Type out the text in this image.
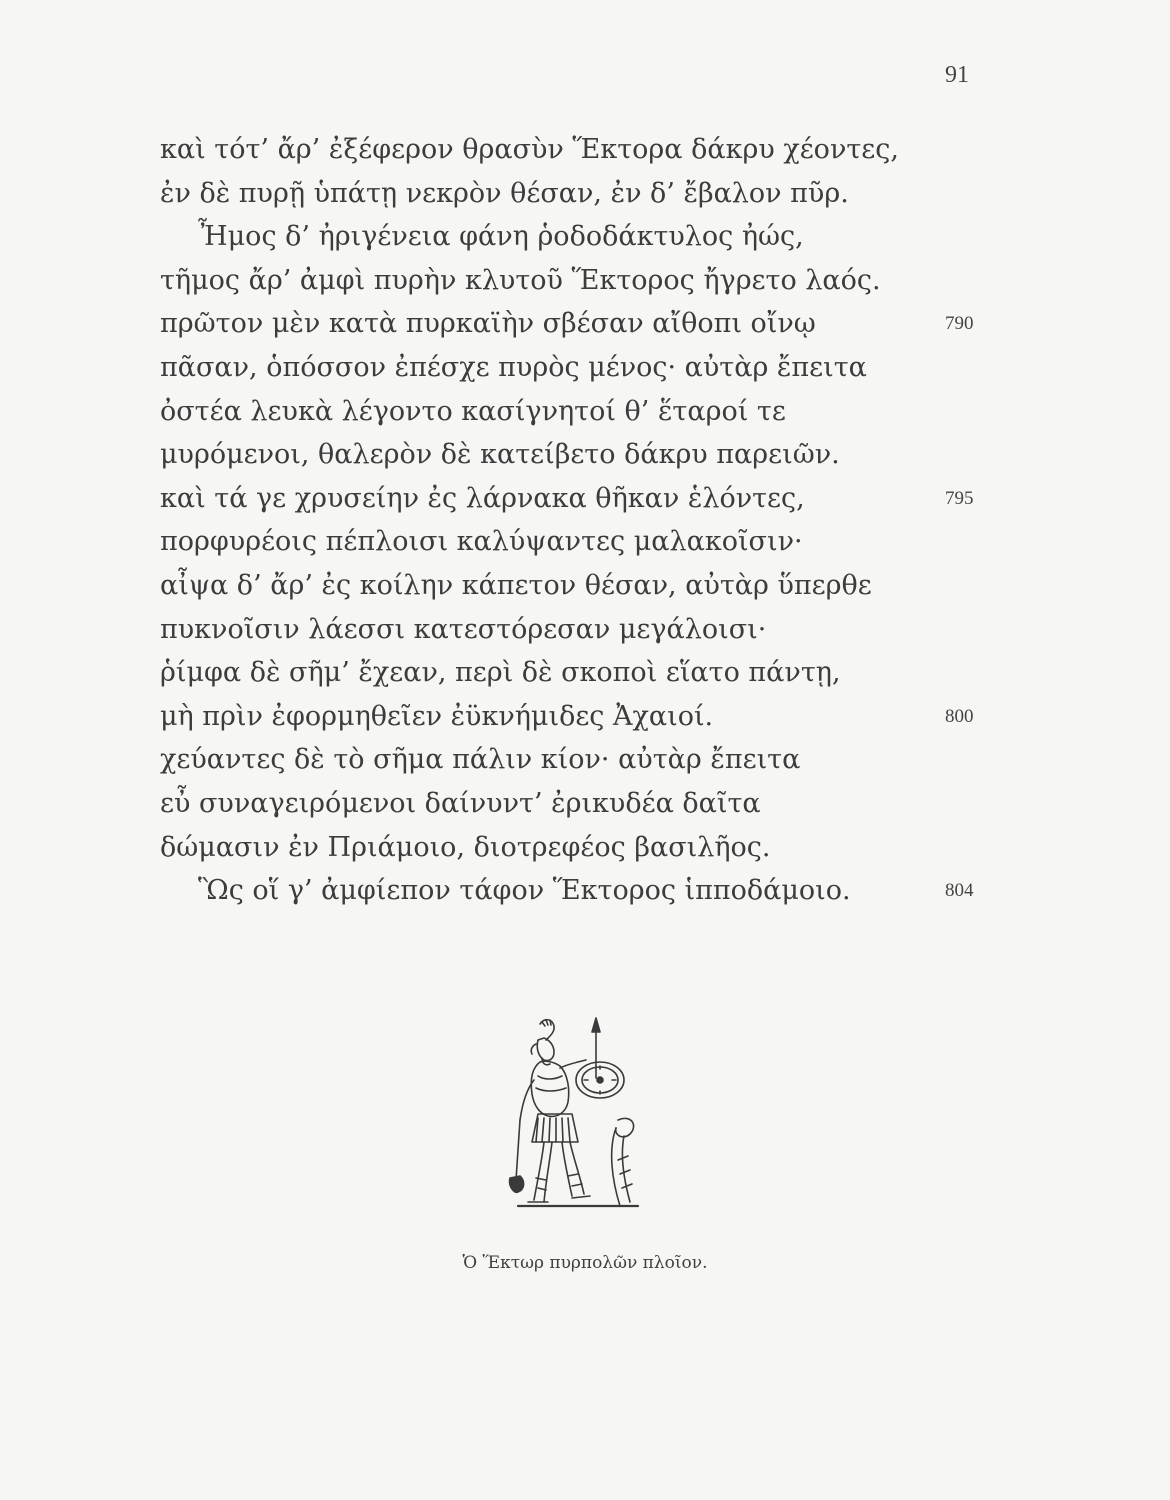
91
καὶ τότ’ ἄρ’ ἐξέφερον θρασὺν Ἕκτορα δάκρυ χέοντες,
ἐν δὲ πυρῇ ὑπάτῃ νεκρὸν θέσαν, ἐν δ’ ἔβαλον πῦρ.
Ἦμος δ’ ἠριγένεια φάνη ῥοδοδάκτυλος ἠώς,
τῆμος ἄρ’ ἀμφὶ πυρὴν κλυτοῦ Ἕκτορος ἤγρετο λαός.
πρῶτον μὲν κατὰ πυρκαϊὴν σβέσαν αἴθοπι οἴνῳ	790
πᾶσαν, ὁπόσσον ἐπέσχε πυρὸς μένος· αὐτὰρ ἔπειτα
ὀστέα λευκὰ λέγοντο κασίγνητοί θ’ ἕταροί τε
μυρόμενοι, θαλερὸν δὲ κατείβετο δάκρυ παρειῶν.
καὶ τά γε χρυσείην ἐς λάρνακα θῆκαν ἑλόντες,	795
πορφυρέοις πέπλοισι καλύψαντες μαλακοῖσιν·
αἶψα δ’ ἄρ’ ἐς κοίλην κάπετον θέσαν, αὐτὰρ ὕπερθε
πυκνοῖσιν λάεσσι κατεστόρεσαν μεγάλοισι·
ῥίμφα δὲ σῆμ’ ἔχεαν, περὶ δὲ σκοποὶ εἵατο πάντῃ,
μὴ πρὶν ἐφορμηθεῖεν ἐϋκνήμιδες Ἀχαιοί.	800
χεύαντες δὲ τὸ σῆμα πάλιν κίον· αὐτὰρ ἔπειτα
εὖ συναγειρόμενοι δαίνυντ’ ἐρικυδέα δαῖτα
δώμασιν ἐν Πριάμοιο, διοτρεφέος βασιλῆος.
Ὣς οἵ γ’ ἀμφίεπον τάφον Ἕκτορος ἱπποδάμοιο.	804
Ὁ Ἕκτωρ πυρπολῶν πλοῖον.
